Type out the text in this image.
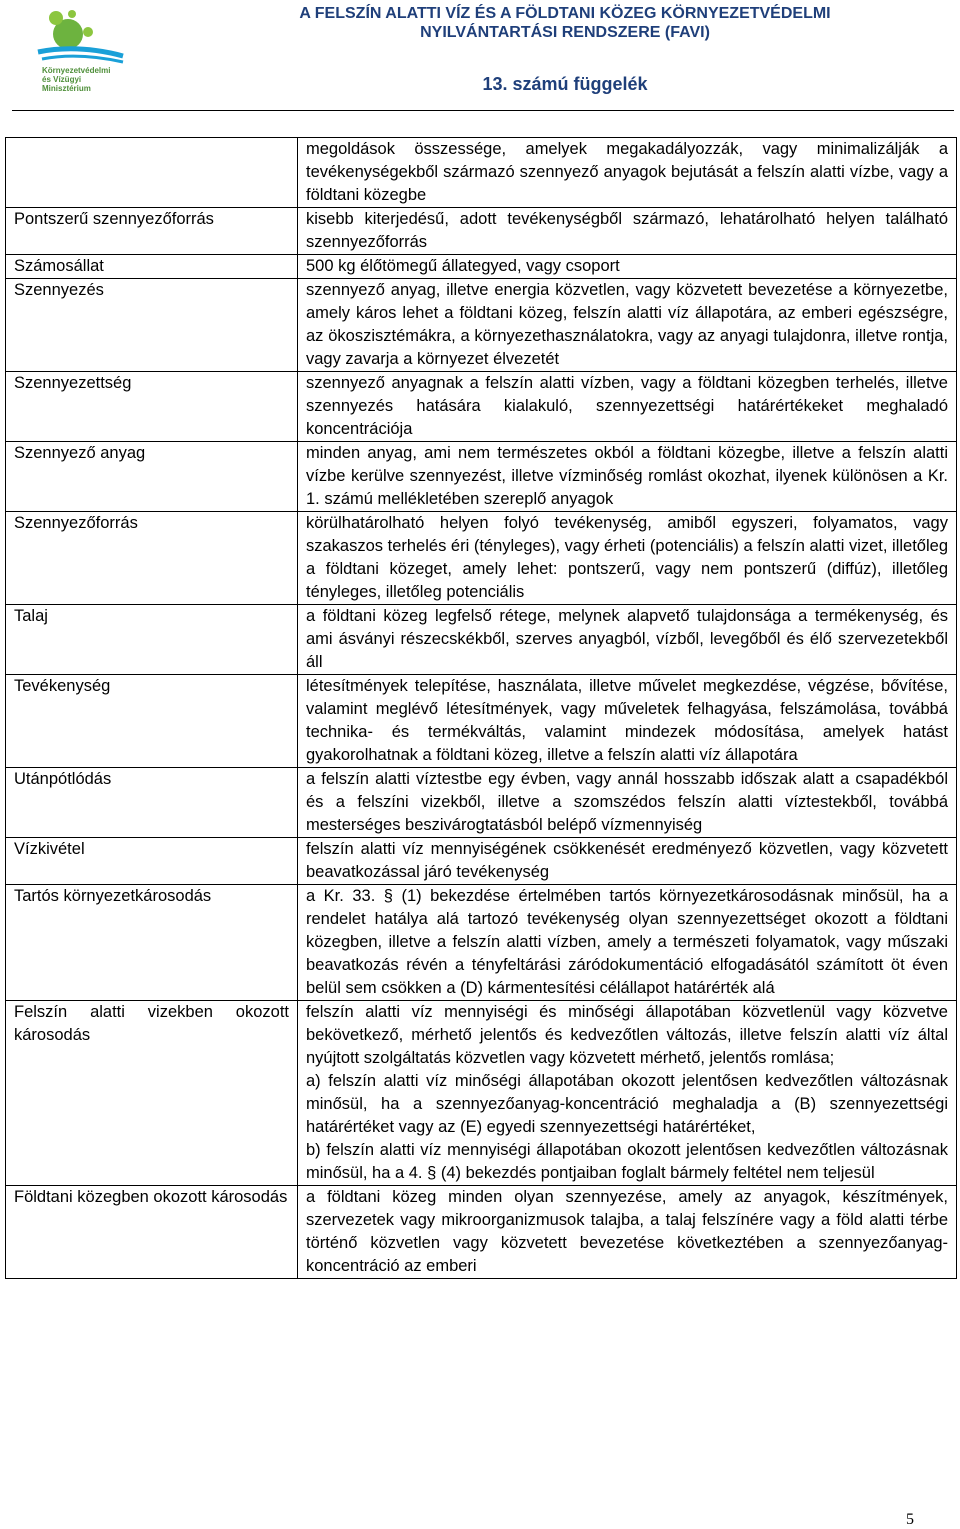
Környezetvédelmi
és Vízügyi
Minisztérium
A FELSZÍN ALATTI VÍZ ÉS A FÖLDTANI KÖZEG KÖRNYEZETVÉDELMI
NYILVÁNTARTÁSI RENDSZERE (FAVI)
13. számú függelék

	megoldások összessége, amelyek megakadályozzák, vagy minimalizálják a tevékenységekből származó szennyező anyagok bejutását a felszín alatti vízbe, vagy a földtani közegbe

Pontszerű szennyezőforrás	kisebb kiterjedésű, adott tevékenységből származó, lehatárolható helyen található szennyezőforrás

Számosállat	500 kg élőtömegű állategyed, vagy csoport

Szennyezés	szennyező anyag, illetve energia közvetlen, vagy közvetett bevezetése a környezetbe, amely káros lehet a földtani közeg, felszín alatti víz állapotára, az emberi egészségre, az ökoszisztémákra, a környezethasználatokra, vagy az anyagi tulajdonra, illetve rontja, vagy zavarja a környezet élvezetét

Szennyezettség	szennyező anyagnak a felszín alatti vízben, vagy a földtani közegben terhelés, illetve szennyezés hatására kialakuló, szennyezettségi határértékeket meghaladó koncentrációja

Szennyező anyag	minden anyag, ami nem természetes okból a földtani közegbe, illetve a felszín alatti vízbe kerülve szennyezést, illetve vízminőség romlást okozhat, ilyenek különösen a Kr. 1. számú mellékletében szereplő anyagok

Szennyezőforrás	körülhatárolható helyen folyó tevékenység, amiből egyszeri, folyamatos, vagy szakaszos terhelés éri (tényleges), vagy érheti (potenciális) a felszín alatti vizet, illetőleg a földtani közeget, amely lehet: pontszerű, vagy nem pontszerű (diffúz), illetőleg tényleges, illetőleg potenciális

Talaj	a földtani közeg legfelső rétege, melynek alapvető tulajdonsága a termékenység, és ami ásványi részecskékből, szerves anyagból, vízből, levegőből és élő szervezetekből áll

Tevékenység	létesítmények telepítése, használata, illetve művelet megkezdése, végzése, bővítése, valamint meglévő létesítmények, vagy műveletek felhagyása, felszámolása, továbbá technika- és termékváltás, valamint mindezek módosítása, amelyek hatást gyakorolhatnak a földtani közeg, illetve a felszín alatti víz állapotára

Utánpótlódás	a felszín alatti víztestbe egy évben, vagy annál hosszabb időszak alatt a csapadékból és a felszíni vizekből, illetve a szomszédos felszín alatti víztestekből, továbbá mesterséges beszivárogtatásból belépő vízmennyiség

Vízkivétel	felszín alatti víz mennyiségének csökkenését eredményező közvetlen, vagy közvetett beavatkozással járó tevékenység

Tartós környezetkárosodás	a Kr. 33. § (1) bekezdése értelmében tartós környezetkárosodásnak minősül, ha a rendelet hatálya alá tartozó tevékenység olyan szennyezettséget okozott a földtani közegben, illetve a felszín alatti vízben, amely a természeti folyamatok, vagy műszaki beavatkozás révén a tényfeltárási záródokumentáció elfogadásától számított öt éven belül sem csökken a (D) kármentesítési célállapot határérték alá

Felszín alatti vizekben okozott károsodás	felszín alatti víz mennyiségi és minőségi állapotában közvetlenül vagy közvetve bekövetkező, mérhető jelentős és kedvezőtlen változás, illetve felszín alatti víz által nyújtott szolgáltatás közvetlen vagy közvetett mérhető, jelentős romlása;
a) felszín alatti víz minőségi állapotában okozott jelentősen kedvezőtlen változásnak minősül, ha a szennyezőanyag-koncentráció meghaladja a (B) szennyezettségi határértéket vagy az (E) egyedi szennyezettségi határértéket,
b) felszín alatti víz mennyiségi állapotában okozott jelentősen kedvezőtlen változásnak minősül, ha a 4. § (4) bekezdés pontjaiban foglalt bármely feltétel nem teljesül

Földtani közegben okozott károsodás	a földtani közeg minden olyan szennyezése, amely az anyagok, készítmények, szervezetek vagy mikroorganizmusok talajba, a talaj felszínére vagy a föld alatti térbe történő közvetlen vagy közvetett bevezetése következtében a szennyezőanyag-koncentráció az emberi
5
